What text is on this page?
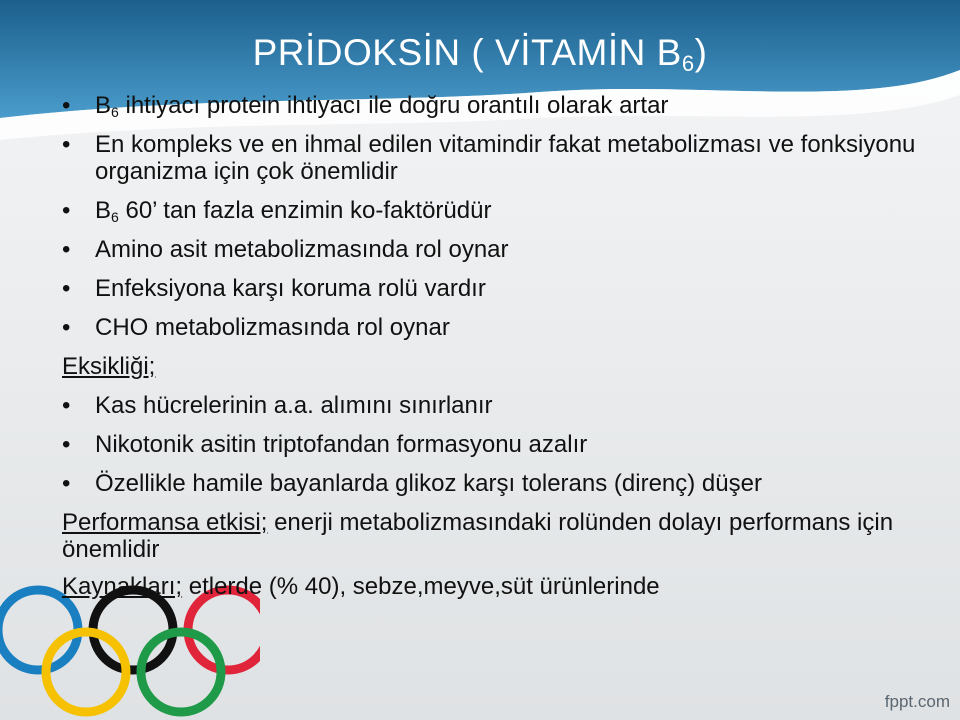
PRİDOKSİN ( VİTAMİN $B_6$)
• $B_6$ ihtiyacı protein ihtiyacı ile doğru orantılı olarak artar
• En kompleks ve en ihmal edilen vitamindir fakat metabolizması ve fonksiyonu organizma için çok önemlidir
• $B_6$ 60’ tan fazla enzimin ko-faktörüdür
• Amino asit metabolizmasında rol oynar
• Enfeksiyona karşı koruma rolü vardır
• CHO metabolizmasında rol oynar
Eksikliği;
• Kas hücrelerinin a.a. alımını sınırlanır
• Nikotonik asitin triptofandan formasyonu azalır
• Özellikle hamile bayanlarda glikoz karşı tolerans (direnç) düşer
Performansa etkisi; enerji metabolizmasındaki rolünden dolayı performans için önemlidir
Kaynakları; etlerde (% 40), sebze,meyve,süt ürünlerinde
fppt.com
